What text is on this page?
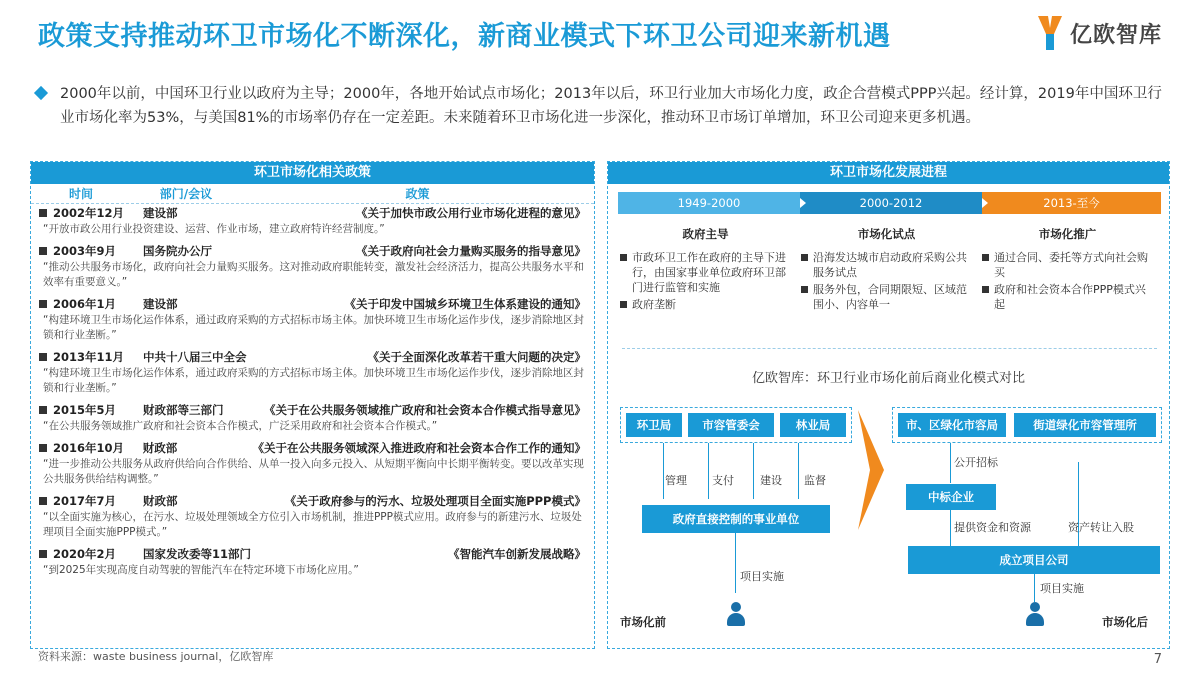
政策支持推动环卫市场化不断深化，新商业模式下环卫公司迎来新机遇	亿欧智库

2000年以前，中国环卫行业以政府为主导；2000年，各地开始试点市场化；2013年以后，环卫行业加大市场化力度，政企合营模式PPP兴起。经计算，2019年中国环卫行业市场化率为53%，与美国81%的市场率仍存在一定差距。未来随着环卫市场化进一步深化，推动环卫市场订单增加，环卫公司迎来更多机遇。

环卫市场化相关政策
时间	部门/会议	政策
2002年12月	建设部	《关于加快市政公用行业市场化进程的意见》
“开放市政公用行业投资建设、运营、作业市场，建立政府特许经营制度。”
2003年9月	国务院办公厅	《关于政府向社会力量购买服务的指导意见》
“推动公共服务市场化，政府向社会力量购买服务。这对推动政府职能转变，激发社会经济活力，提高公共服务水平和效率有重要意义。”
2006年1月	建设部	《关于印发中国城乡环境卫生体系建设的通知》
“构建环境卫生市场化运作体系，通过政府采购的方式招标市场主体。加快环境卫生市场化运作步伐，逐步消除地区封锁和行业垄断。”
2013年11月	中共十八届三中全会	《关于全面深化改革若干重大问题的决定》
“构建环境卫生市场化运作体系，通过政府采购的方式招标市场主体。加快环境卫生市场化运作步伐，逐步消除地区封锁和行业垄断。”
2015年5月	财政部等三部门	《关于在公共服务领域推广政府和社会资本合作模式指导意见》
“在公共服务领域推广政府和社会资本合作模式，广泛采用政府和社会资本合作模式。”
2016年10月	财政部	《关于在公共服务领域深入推进政府和社会资本合作工作的通知》
“进一步推动公共服务从政府供给向合作供给、从单一投入向多元投入、从短期平衡向中长期平衡转变。要以改革实现公共服务供给结构调整。”
2017年7月	财政部	《关于政府参与的污水、垃圾处理项目全面实施PPP模式》
“以全面实施为核心，在污水、垃圾处理领域全方位引入市场机制，推进PPP模式应用。政府参与的新建污水、垃圾处理项目全面实施PPP模式。”
2020年2月	国家发改委等11部门	《智能汽车创新发展战略》
“到2025年实现高度自动驾驶的智能汽车在特定环境下市场化应用。”
环卫市场化发展进程
1949-2000	2000-2012	2013-至今
政府主导
市政环卫工作在政府的主导下进行，由国家事业单位政府环卫部门进行监管和实施
政府垄断
市场化试点
沿海发达城市启动政府采购公共服务试点
服务外包，合同期限短、区域范围小、内容单一
市场化推广
通过合同、委托等方式向社会购买
政府和社会资本合作PPP模式兴起
亿欧智库：环卫行业市场化前后商业化模式对比
环卫局	市容管委会	林业局
管理 支付 建设 监督
政府直接控制的事业单位
项目实施
市场化前
市、区绿化市容局	街道绿化市容管理所
公开招标
中标企业
提供资金和资源	资产转让入股
成立项目公司
项目实施
市场化后
资料来源：waste business journal，亿欧智库	7
